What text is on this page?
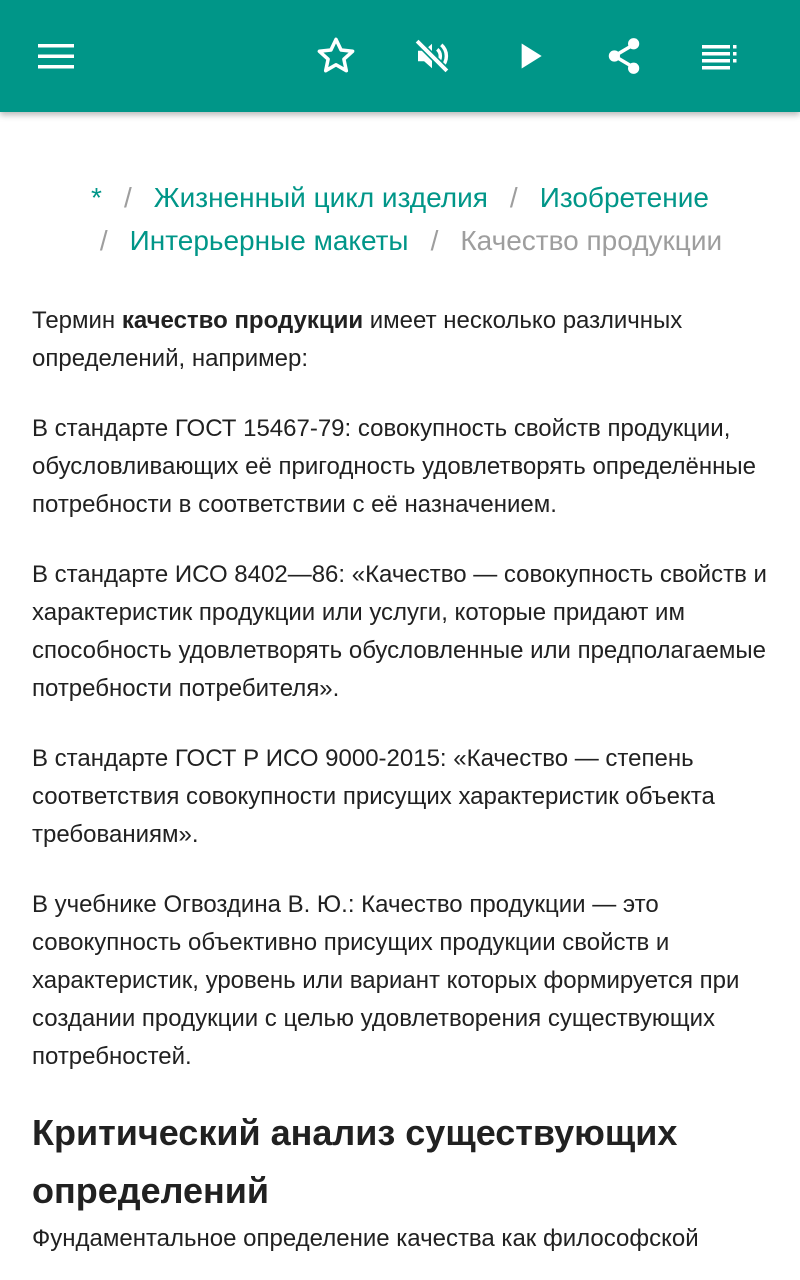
* / Жизненный цикл изделия / Изобретение
/ Интерьерные макеты / Качество продукции

Термин качество продукции имеет несколько различных определений, например:

В стандарте ГОСТ 15467-79: совокупность свойств продукции, обусловливающих её пригодность удовлетворять определённые потребности в соответствии с её назначением.

В стандарте ИСО 8402—86: «Качество — совокупность свойств и характеристик продукции или услуги, которые придают им способность удовлетворять обусловленные или предполагаемые потребности потребителя».

В стандарте ГОСТ Р ИСО 9000-2015: «Качество — степень соответствия совокупности присущих характеристик объекта требованиям».

В учебнике Огвоздина В. Ю.: Качество продукции — это совокупность объективно присущих продукции свойств и характеристик, уровень или вариант которых формируется при создании продукции с целью удовлетворения существующих потребностей.

Критический анализ существующих определений

Фундаментальное определение качества как философской
